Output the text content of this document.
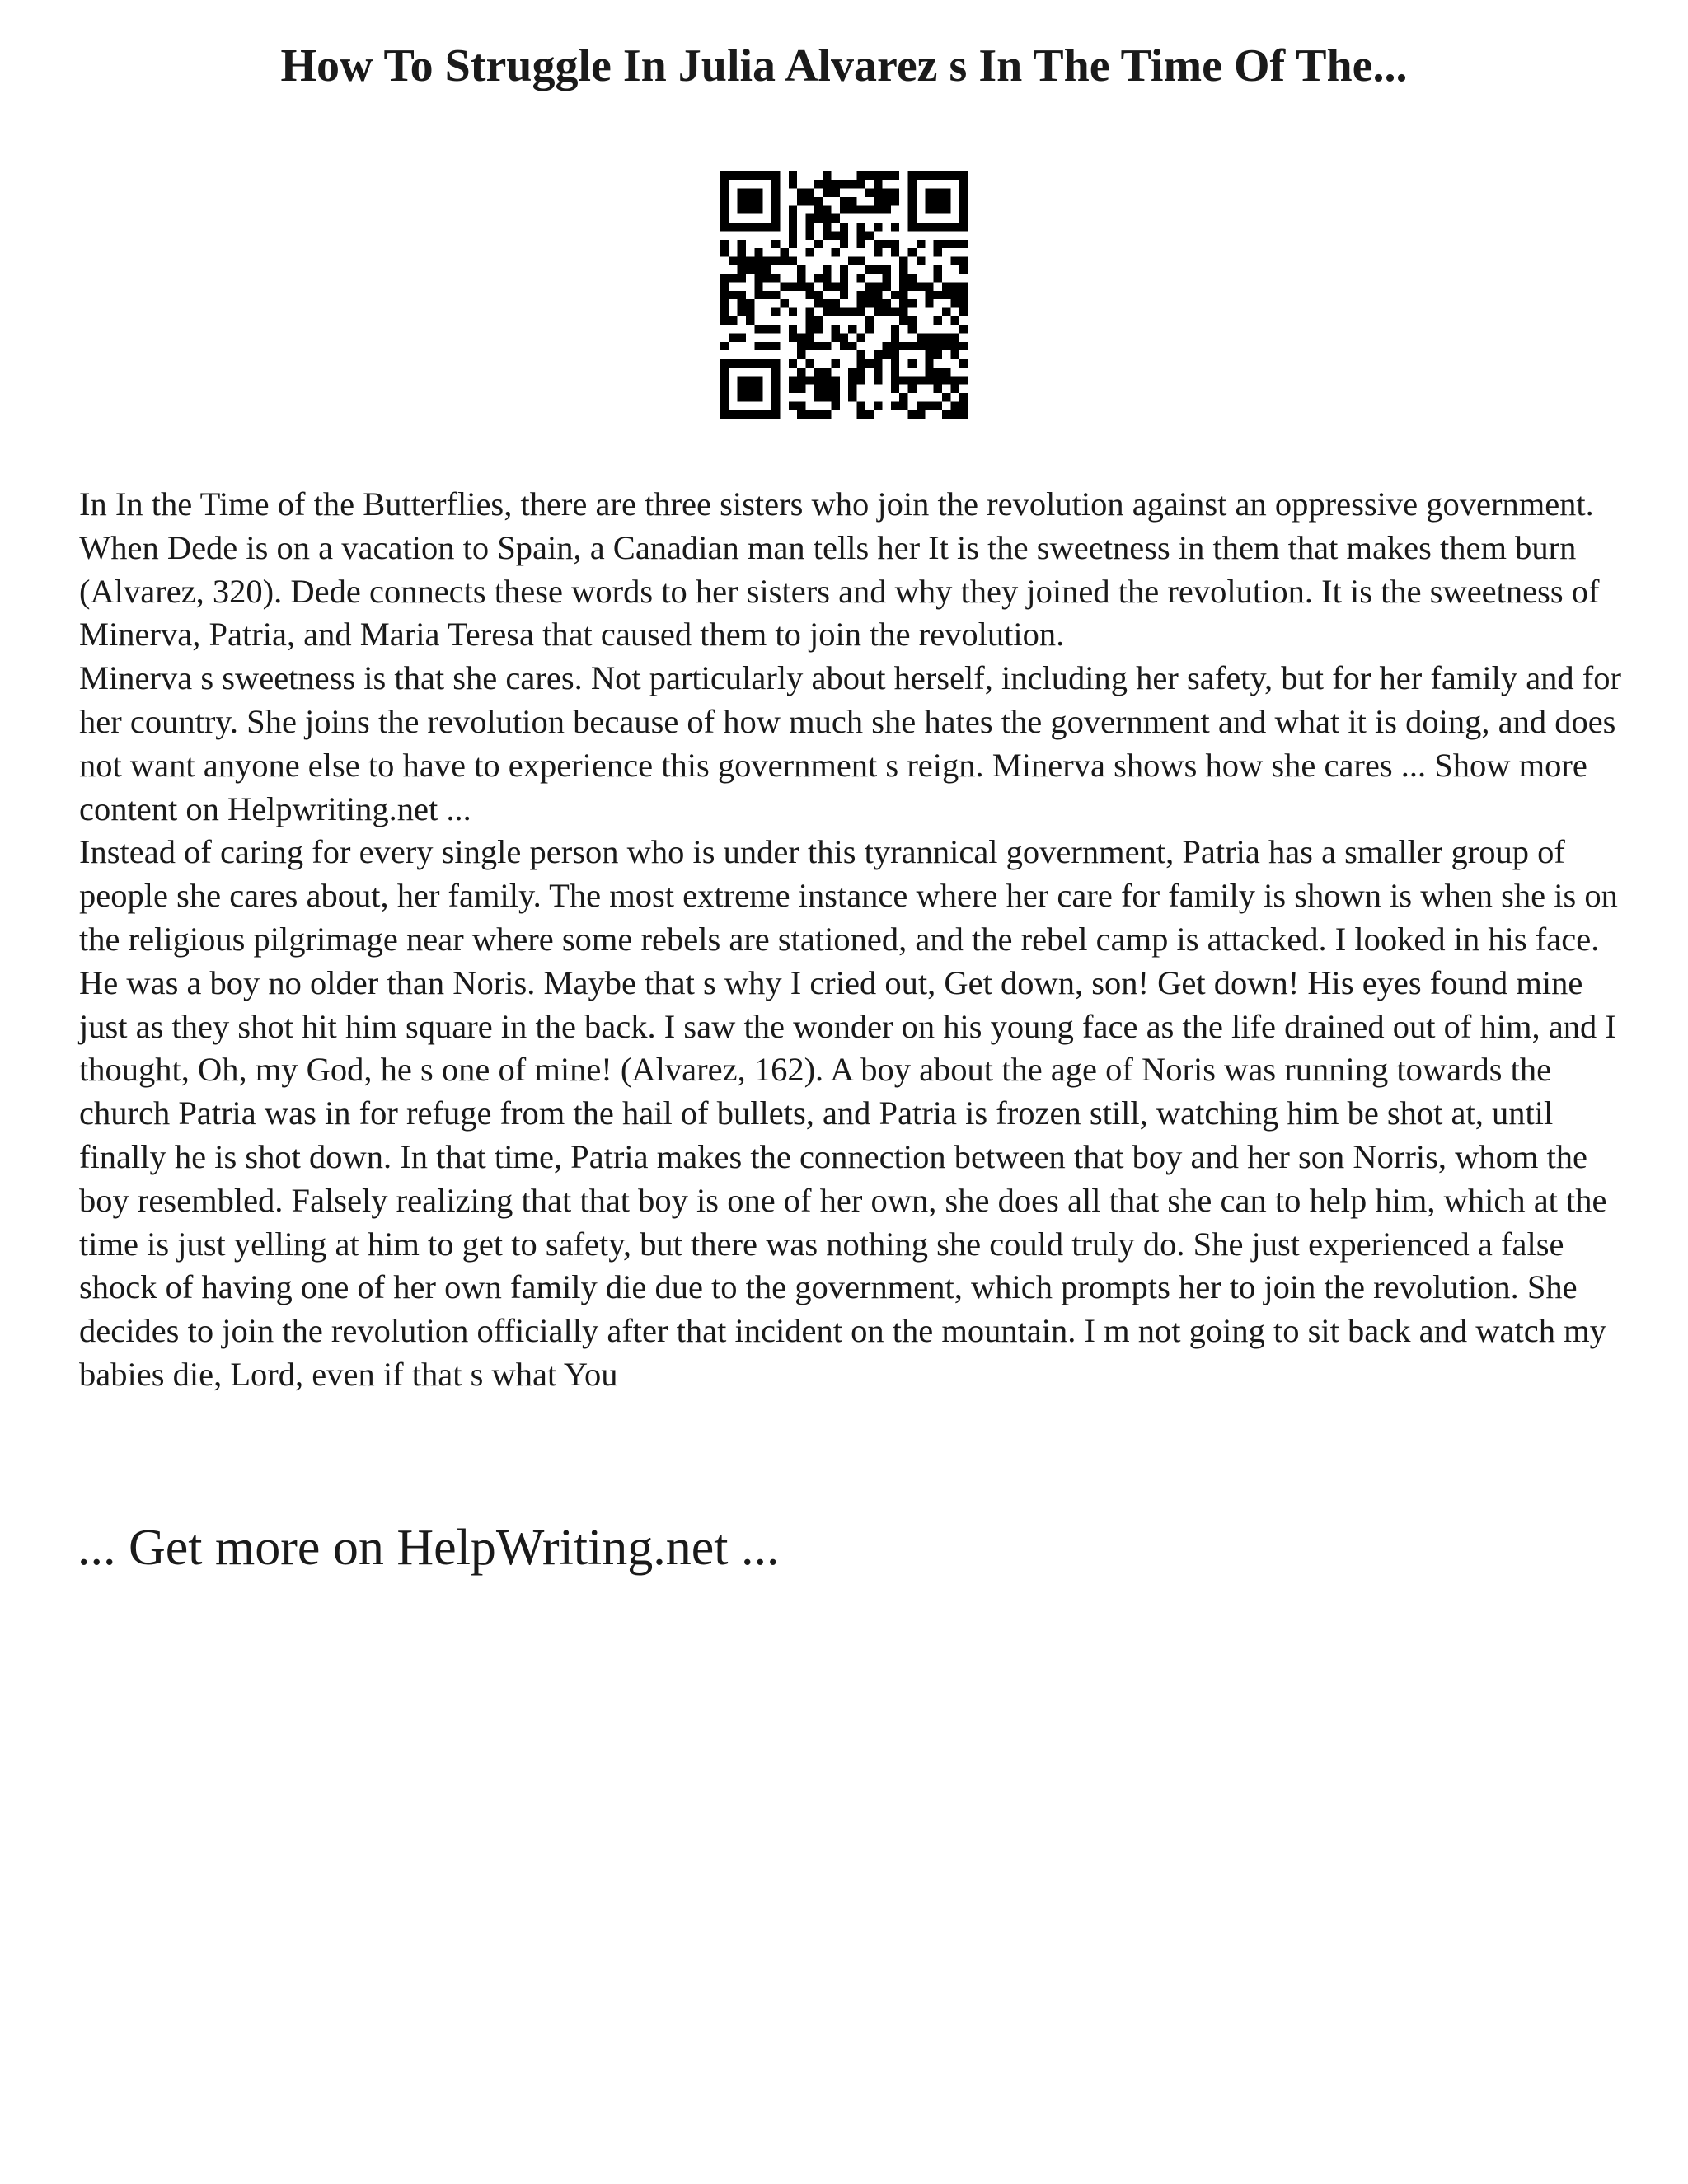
How To Struggle In Julia Alvarez s In The Time Of The...

In In the Time of the Butterflies, there are three sisters who join the revolution against an oppressive government. When Dede is on a vacation to Spain, a Canadian man tells her It is the sweetness in them that makes them burn (Alvarez, 320). Dede connects these words to her sisters and why they joined the revolution. It is the sweetness of Minerva, Patria, and Maria Teresa that caused them to join the revolution.

Minerva s sweetness is that she cares. Not particularly about herself, including her safety, but for her family and for her country. She joins the revolution because of how much she hates the government and what it is doing, and does not want anyone else to have to experience this government s reign. Minerva shows how she cares ... Show more content on Helpwriting.net ...

Instead of caring for every single person who is under this tyrannical government, Patria has a smaller group of people she cares about, her family. The most extreme instance where her care for family is shown is when she is on the religious pilgrimage near where some rebels are stationed, and the rebel camp is attacked. I looked in his face. He was a boy no older than Noris. Maybe that s why I cried out, Get down, son! Get down! His eyes found mine just as they shot hit him square in the back. I saw the wonder on his young face as the life drained out of him, and I thought, Oh, my God, he s one of mine! (Alvarez, 162). A boy about the age of Noris was running towards the church Patria was in for refuge from the hail of bullets, and Patria is frozen still, watching him be shot at, until finally he is shot down. In that time, Patria makes the connection between that boy and her son Norris, whom the boy resembled. Falsely realizing that that boy is one of her own, she does all that she can to help him, which at the time is just yelling at him to get to safety, but there was nothing she could truly do. She just experienced a false shock of having one of her own family die due to the government, which prompts her to join the revolution. She decides to join the revolution officially after that incident on the mountain. I m not going to sit back and watch my babies die, Lord, even if that s what You

... Get more on HelpWriting.net ...
